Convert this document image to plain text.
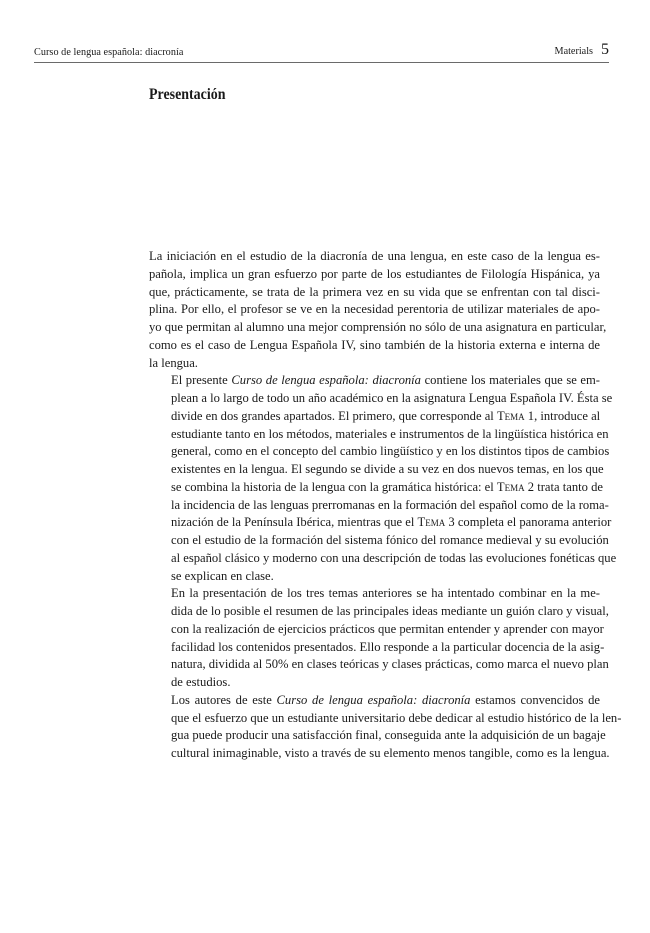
Curso de lengua española: diacronía	Materials 5
Presentación

La iniciación en el estudio de la diacronía de una lengua, en este caso de la lengua es-
pañola, implica un gran esfuerzo por parte de los estudiantes de Filología Hispánica, ya
que, prácticamente, se trata de la primera vez en su vida que se enfrentan con tal disci-
plina. Por ello, el profesor se ve en la necesidad perentoria de utilizar materiales de apo-
yo que permitan al alumno una mejor comprensión no sólo de una asignatura en particular,
como es el caso de Lengua Española IV, sino también de la historia externa e interna de
la lengua.

El presente Curso de lengua española: diacronía contiene los materiales que se em-
plean a lo largo de todo un año académico en la asignatura Lengua Española IV. Ésta se
divide en dos grandes apartados. El primero, que corresponde al Tema 1, introduce al
estudiante tanto en los métodos, materiales e instrumentos de la lingüística histórica en
general, como en el concepto del cambio lingüístico y en los distintos tipos de cambios
existentes en la lengua. El segundo se divide a su vez en dos nuevos temas, en los que
se combina la historia de la lengua con la gramática histórica: el Tema 2 trata tanto de
la incidencia de las lenguas prerromanas en la formación del español como de la roma-
nización de la Península Ibérica, mientras que el Tema 3 completa el panorama anterior
con el estudio de la formación del sistema fónico del romance medieval y su evolución
al español clásico y moderno con una descripción de todas las evoluciones fonéticas que
se explican en clase.

En la presentación de los tres temas anteriores se ha intentado combinar en la me-
dida de lo posible el resumen de las principales ideas mediante un guión claro y visual,
con la realización de ejercicios prácticos que permitan entender y aprender con mayor
facilidad los contenidos presentados. Ello responde a la particular docencia de la asig-
natura, dividida al 50% en clases teóricas y clases prácticas, como marca el nuevo plan
de estudios.

Los autores de este Curso de lengua española: diacronía estamos convencidos de
que el esfuerzo que un estudiante universitario debe dedicar al estudio histórico de la len-
gua puede producir una satisfacción final, conseguida ante la adquisición de un bagaje
cultural inimaginable, visto a través de su elemento menos tangible, como es la lengua.
